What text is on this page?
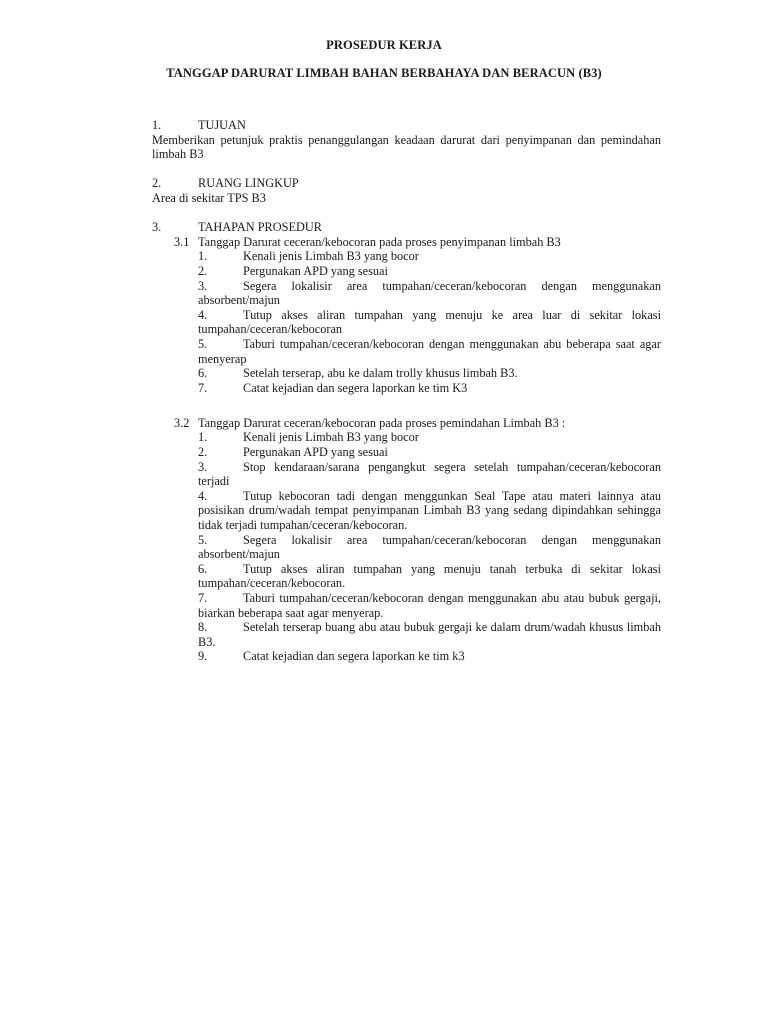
PROSEDUR KERJA
TANGGAP DARURAT LIMBAH BAHAN BERBAHAYA DAN BERACUN (B3)
1.	TUJUAN
Memberikan petunjuk praktis penanggulangan keadaan darurat dari penyimpanan dan pemindahan limbah B3
2.	RUANG LINGKUP
Area di sekitar TPS B3
3.	TAHAPAN PROSEDUR
3.1 Tanggap Darurat ceceran/kebocoran pada proses penyimpanan limbah B3
1.	Kenali jenis Limbah B3 yang bocor
2.	Pergunakan APD yang sesuai
3.	Segera lokalisir area tumpahan/ceceran/kebocoran dengan menggunakan absorbent/majun
4.	Tutup akses aliran tumpahan yang menuju ke area luar di sekitar lokasi tumpahan/ceceran/kebocoran
5.	Taburi tumpahan/ceceran/kebocoran dengan menggunakan abu beberapa saat agar menyerap
6.	Setelah terserap, abu ke dalam trolly khusus limbah B3.
7.	Catat kejadian dan segera laporkan ke tim K3
3.2 Tanggap Darurat ceceran/kebocoran pada proses pemindahan Limbah B3 :
1.	Kenali jenis Limbah B3 yang bocor
2.	Pergunakan APD yang sesuai
3.	Stop kendaraan/sarana pengangkut segera setelah tumpahan/ceceran/kebocoran terjadi
4.	Tutup kebocoran tadi dengan menggunkan Seal Tape atau materi lainnya atau posisikan drum/wadah tempat penyimpanan Limbah B3 yang sedang dipindahkan sehingga tidak terjadi tumpahan/ceceran/kebocoran.
5.	Segera lokalisir area tumpahan/ceceran/kebocoran dengan menggunakan absorbent/majun
6.	Tutup akses aliran tumpahan yang menuju tanah terbuka di sekitar lokasi tumpahan/ceceran/kebocoran.
7.	Taburi tumpahan/ceceran/kebocoran dengan menggunakan abu atau bubuk gergaji, biarkan beberapa saat agar menyerap.
8.	Setelah terserap buang abu atau bubuk gergaji ke dalam drum/wadah khusus limbah B3.
9.	Catat kejadian dan segera laporkan ke tim k3
